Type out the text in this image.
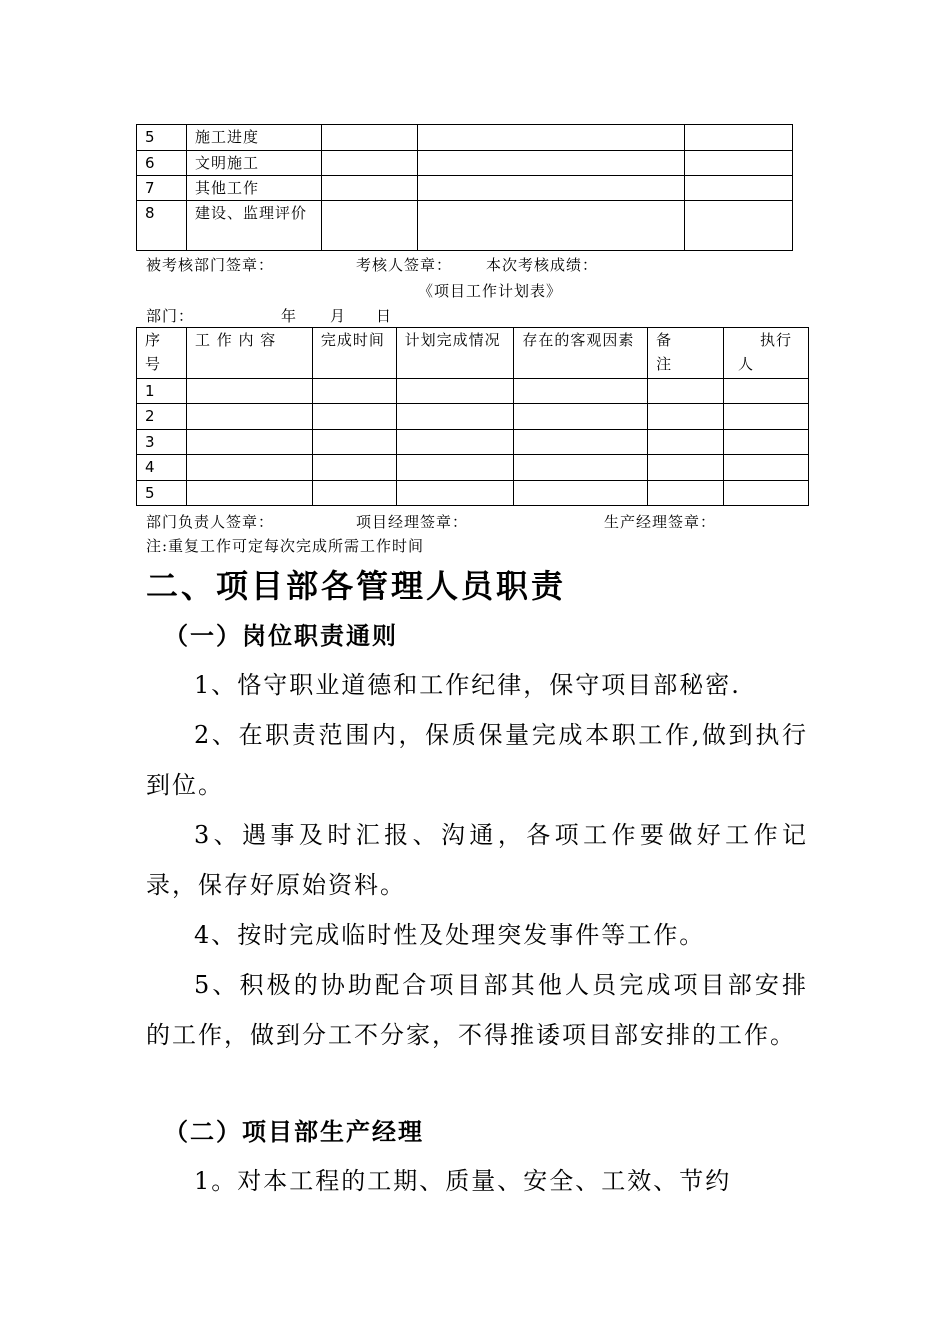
5	施工进度			
6	文明施工			
7	其他工作			
8	建设、监理评价			
被考核部门签章：	考核人签章： 本次考核成绩：
《项目工作计划表》
部门：	年 月 日
序号	工 作 内 容	完成时间	计划完成情况	存在的客观因素	备注	执行人
1						
2						
3						
4						
5						
部门负责人签章：	项目经理签章：	生产经理签章：
注:重复工作可定每次完成所需工作时间
二、项目部各管理人员职责
（一）岗位职责通则

1、恪守职业道德和工作纪律，保守项目部秘密.

2、在职责范围内，保质保量完成本职工作,做到执行到位。

3、遇事及时汇报、沟通，各项工作要做好工作记录，保存好原始资料。

4、按时完成临时性及处理突发事件等工作。

5、积极的协助配合项目部其他人员完成项目部安排的工作，做到分工不分家，不得推诿项目部安排的工作。

（二）项目部生产经理

1。对本工程的工期、质量、安全、工效、节约
